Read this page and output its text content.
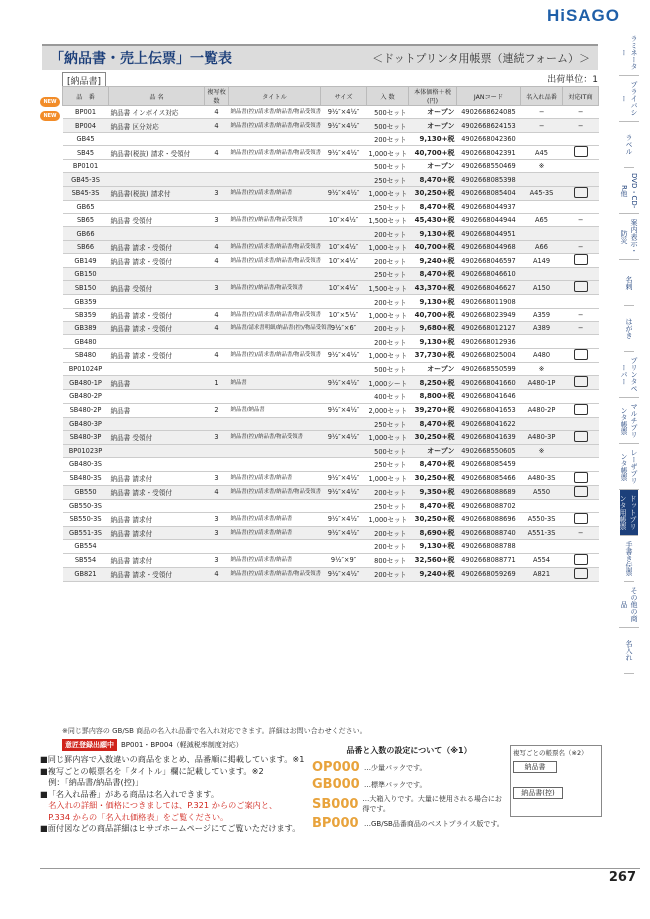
HiSAGO
ラミネーター
プライバシー
ラベル
DVD・CD-R他
案内表示・防災
名刺
はがき
プリンタペーパー
マルチプリンタ帳票
レーザプリンタ帳票
ドットプリンタ用帳票
手書き伝票
その他の商品
名入れ
「納品書・売上伝票」一覧表	＜ドットプリンタ用帳票（連続フォーム）＞
[納品書]	出荷単位：1
品　番	品 名	複写枚数	タイトル	サイズ	入 数	本体価格＋税(円)	JANコード	名入れ品番	対応IT商
BP001	納品書 インボイス対応	4	納品書(控)/請求書/納品書/物品受領書	9½″×4½″	500セット	オープン	4902668624085	−	−
BP004	納品書 区分対応	4	納品書(控)/請求書/納品書/物品受領書	9½″×4½″	500セット	オープン	4902668624153	−	−
GB45					200セット	9,130+税	4902668042360		
SB45	納品書(税抜) 請求・受領付	4	納品書(控)/請求書/納品書/物品受領書	9½″×4½″	1,000セット	40,700+税	4902668042391	A45	
BP0101					500セット	オープン	4902668550469	※	
GB45-3S					250セット	8,470+税	4902668085398		
SB45-3S	納品書(税抜) 請求付	3	納品書(控)/請求書/納品書	9½″×4½″	1,000セット	30,250+税	4902668085404	A45-3S	
GB65					250セット	8,470+税	4902668044937		
SB65	納品書 受領付	3	納品書(控)/納品書/物品受領書	10″×4½″	1,500セット	45,430+税	4902668044944	A65	−
GB66					200セット	9,130+税	4902668044951		
SB66	納品書 請求・受領付	4	納品書(控)/請求書/納品書/物品受領書	10″×4½″	1,000セット	40,700+税	4902668044968	A66	−
GB149	納品書 請求・受領付	4	納品書(控)/請求書/納品書/物品受領書	10″×4½″	200セット	9,240+税	4902668046597	A149	
GB150					250セット	8,470+税	4902668046610		
SB150	納品書 受領付	3	納品書(控)/納品書/物品受領書	10″×4½″	1,500セット	43,370+税	4902668046627	A150	
GB359					200セット	9,130+税	4902668011908		
SB359	納品書 請求・受領付	4	納品書(控)/請求書/納品書/物品受領書	10″×5½″	1,000セット	40,700+税	4902668023949	A359	−
GB389	納品書 請求・受領付	4	納品書/請求書明細/納品書(控)/物品受領書	9½″×6″	200セット	9,680+税	4902668012127	A389	−
GB480					200セット	9,130+税	4902668012936		
SB480	納品書 請求・受領付	4	納品書(控)/請求書/納品書/物品受領書	9½″×4½″	1,000セット	37,730+税	4902668025004	A480	
BP01024P					500セット	オープン	4902668550599	※	
GB480-1P	納品書	1	納品書	9½″×4½″	1,000シート	8,250+税	4902668041660	A480-1P	
GB480-2P					400セット	8,800+税	4902668041646		
SB480-2P	納品書	2	納品書/納品書	9½″×4½″	2,000セット	39,270+税	4902668041653	A480-2P	
GB480-3P					250セット	8,470+税	4902668041622		
SB480-3P	納品書 受領付	3	納品書(控)/納品書/物品受領書	9½″×4½″	1,000セット	30,250+税	4902668041639	A480-3P	
BP01023P					500セット	オープン	4902668550605	※	
GB480-3S					250セット	8,470+税	4902668085459		
SB480-3S	納品書 請求付	3	納品書(控)/請求書/納品書	9½″×4½″	1,000セット	30,250+税	4902668085466	A480-3S	
GB550	納品書 請求・受領付	4	納品書(控)/請求書/納品書/物品受領書	9½″×4½″	200セット	9,350+税	4902668088689	A550	
GB550-3S					250セット	8,470+税	4902668088702		
SB550-3S	納品書 請求付	3	納品書(控)/請求書/納品書	9½″×4½″	1,000セット	30,250+税	4902668088696	A550-3S	
GB551-3S	納品書 請求付	3	納品書(控)/請求書/納品書	9½″×4½″	200セット	8,690+税	4902668088740	A551-3S	−
GB554					200セット	9,130+税	4902668088788		
SB554	納品書 請求付	3	納品書(控)/請求書/納品書	9½″×9″	800セット	32,560+税	4902668088771	A554	
GB821	納品書 請求・受領付	4	納品書(控)/請求書/納品書/物品受領書	9½″×4½″	200セット	9,240+税	4902668059269	A821	
NEW
NEW
※同じ罫内容の GB/SB 商品の名入れ品番で名入れ対応できます。詳細はお問い合わせください。
意匠登録出願中	BP001・BP004（軽減税率制度対応）
■同じ罫内容で入数違いの商品をまとめ、品番順に掲載しています。※1
■複写ごとの帳票名を「タイトル」欄に記載しています。※2
　例：「納品書/納品書(控)」
■「名入れ品番」がある商品は名入れできます。
　名入れの詳細・価格につきましては、P.321 からのご案内と、
　P.334 からの「名入れ価格表」をご覧ください。
■面付図などの商品詳細はヒサゴホームページにてご覧いただけます。
品番と入数の設定について（※1）
OP000 …少量パックです。
GB000 …標準パックです。
SB000 …大箱入りです。大量に使用される場合にお得です。
BP000 …GB/SB品番商品のベストプライス版です。
複写ごとの帳票名（※2）
納品書
納品書(控)
267
